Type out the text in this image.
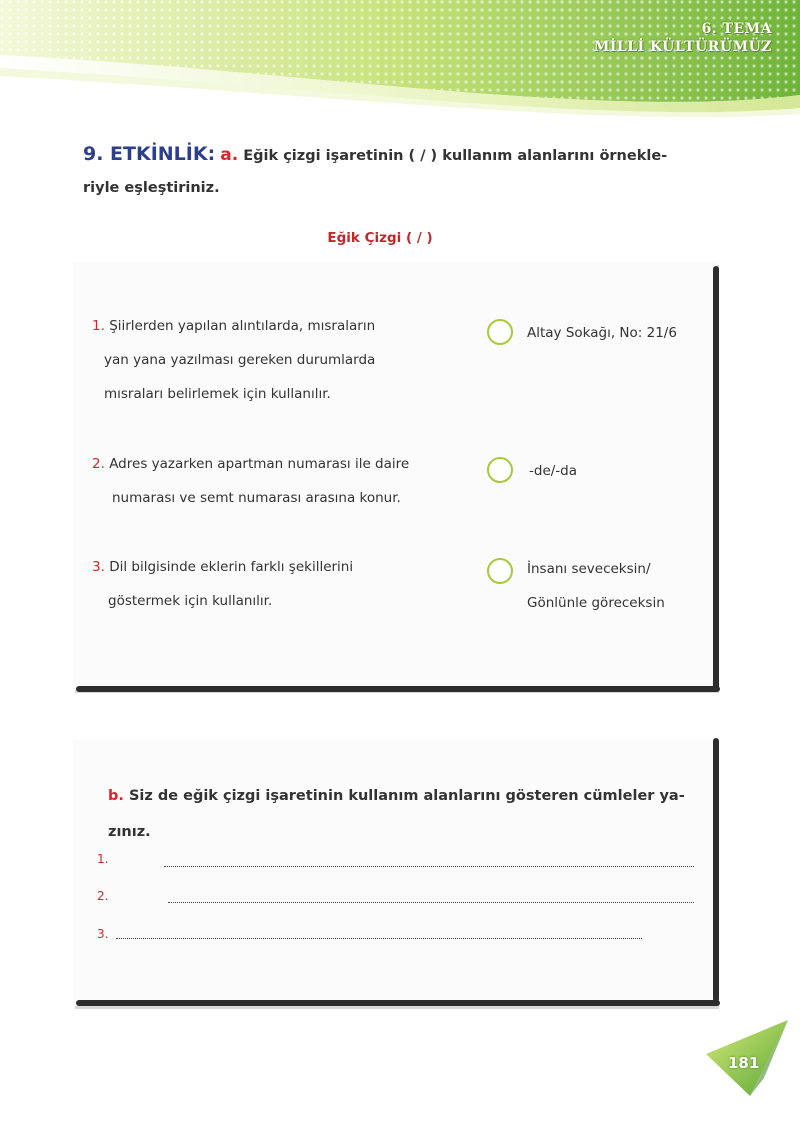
6. TEMA
MİLLİ KÜLTÜRÜMÜZ
9. ETKİNLİK: a. Eğik çizgi işaretinin ( / ) kullanım alanlarını örnekle-
riyle eşleştiriniz.
Eğik Çizgi ( / )
1. Şiirlerden yapılan alıntılarda, mısraların
yan yana yazılması gereken durumlarda
mısraları belirlemek için kullanılır.
2. Adres yazarken apartman numarası ile daire
numarası ve semt numarası arasına konur.
3. Dil bilgisinde eklerin farklı şekillerini
göstermek için kullanılır.
Altay Sokağı, No: 21/6
-de/-da
İnsanı seveceksin/
Gönlünle göreceksin
b. Siz de eğik çizgi işaretinin kullanım alanlarını gösteren cümleler ya-
zınız.
1.
2.
3.
181
